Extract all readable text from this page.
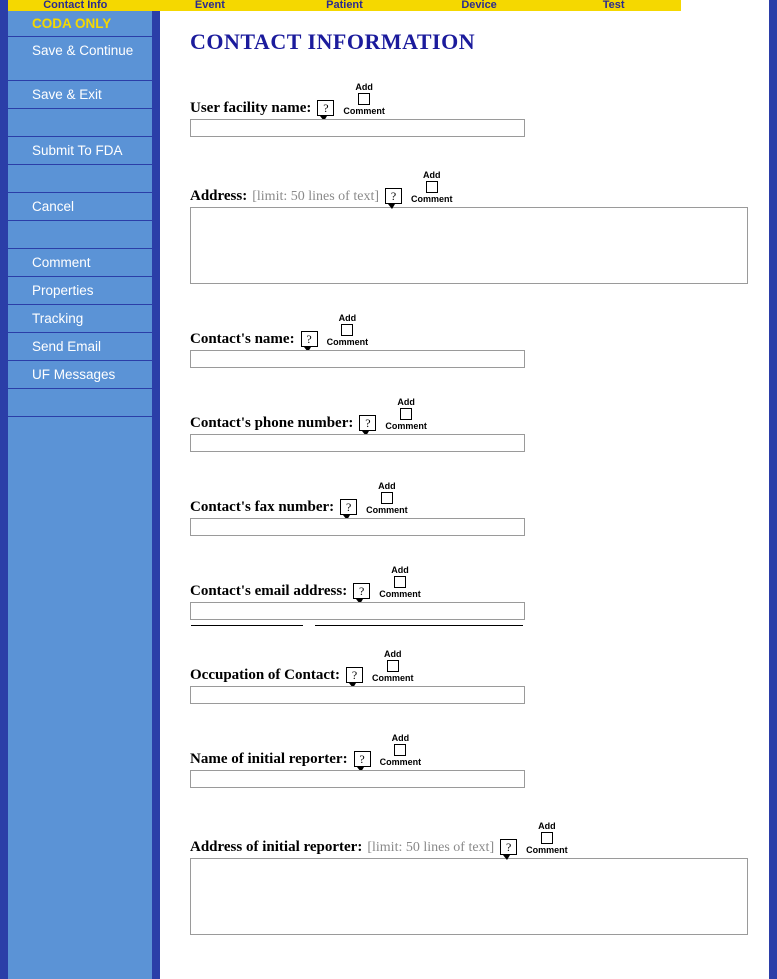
Contact Info	Event	Patient	Device	Test
CODA ONLY
Save & Continue
Save & Exit
Submit To FDA
Cancel
Comment
Properties
Tracking
Send Email
UF Messages
CONTACT INFORMATION
User facility name: ?
Add
Comment
Address: [limit: 50 lines of text] ?
Add
Comment
Contact's name: ?
Add
Comment
Contact's phone number: ?
Add
Comment
Contact's fax number: ?
Add
Comment
Contact's email address: ?
Add
Comment
Occupation of Contact: ?
Add
Comment
Name of initial reporter: ?
Add
Comment
Address of initial reporter: [limit: 50 lines of text] ?
Add
Comment
